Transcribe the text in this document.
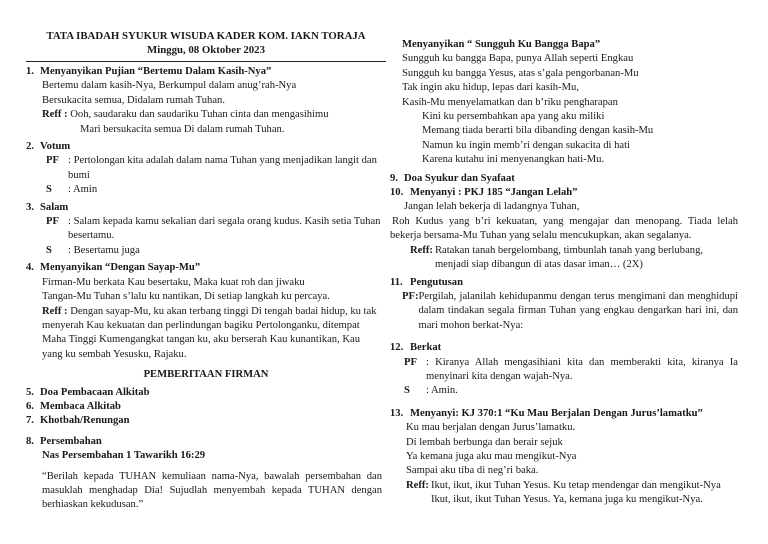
TATA IBADAH SYUKUR WISUDA KADER KOM. IAKN TORAJA
Minggu, 08 Oktober 2023
1. Menyanyikan Pujian “Bertemu Dalam Kasih-Nya”
Bertemu dalam kasih-Nya, Berkumpul dalam anug’rah-Nya
Bersukacita semua, Didalam rumah Tuhan.
Reff :
Ooh, saudaraku dan saudariku Tuhan cinta dan mengasihimu
Mari bersukacita semua Di dalam rumah Tuhan.
2. Votum
PF : Pertolongan kita adalah dalam nama Tuhan yang menjadikan langit dan bumi
S	: Amin
3. Salam
PF : Salam kepada kamu sekalian dari segala orang kudus. Kasih setia Tuhan besertamu.
S	: Besertamu juga
4. Menyanyikan “Dengan Sayap-Mu”
Firman-Mu berkata Kau besertaku, Maka kuat roh dan jiwaku
Tangan-Mu Tuhan s’lalu ku nantikan, Di setiap langkah ku percaya.
Reff : Dengan sayap-Mu, ku akan terbang tinggi Di tengah badai hidup, ku tak menyerah Kau kekuatan dan perlindungan bagiku Pertolonganku, ditempat Maha Tinggi Kumengangkat tangan ku, aku berserah Kau kunantikan, Kau yang ku sembah Yesusku, Rajaku.
PEMBERITAAN FIRMAN
5. Doa Pembacaan Alkitab
6. Membaca Alkitab
7. Khotbah/Renungan
8. Persembahan
Nas Persembahan 1 Tawarikh 16:29
“Berilah kepada TUHAN kemuliaan nama-Nya, bawalah persembahan dan masuklah menghadap Dia! Sujudlah menyembah kepada TUHAN dengan berhiaskan kekudusan.”
Menyanyikan “ Sungguh Ku Bangga Bapa”
Sungguh ku bangga Bapa, punya Allah seperti Engkau
Sungguh ku bangga Yesus, atas s’gala pengorbanan-Mu
Tak ingin aku hidup, lepas dari kasih-Mu,
Kasih-Mu menyelamatkan dan b’riku pengharapan
Kini ku persembahkan apa yang aku miliki
Memang tiada berarti bila dibanding dengan kasih-Mu
Namun ku ingin memb’ri dengan sukacita di hati
Karena kutahu ini menyenangkan hati-Mu.
9. Doa Syukur dan Syafaat
10. Menyanyi : PKJ 185 “Jangan Lelah”
Jangan lelah bekerja di ladangnya Tuhan,
Roh Kudus yang b’ri kekuatan, yang mengajar dan menopang. Tiada lelah bekerja bersama-Mu Tuhan yang selalu mencukupkan, akan segalanya.
Reff: Ratakan tanah bergelombang, timbunlah tanah yang berlubang, menjadi siap dibangun di atas dasar iman… (2X)
11. Pengutusan
PF: Pergilah, jalanilah kehidupanmu dengan terus mengimani dan menghidupi dalam tindakan segala firman Tuhan yang engkau dengarkan hari ini, dan mari mohon berkat-Nya:
12. Berkat
PF : Kiranya Allah mengasihiani kita dan memberakti kita, kiranya Ia menyinari kita dengan wajah-Nya.
S	: Amin.
13. Menyanyi: KJ 370:1 “Ku Mau Berjalan Dengan Jurus’lamatku”
Ku mau berjalan dengan Jurus’lamatku.
Di lembah berbunga dan berair sejuk
Ya kemana juga aku mau mengikut-Nya
Sampai aku tiba di neg’ri baka.
Reff: Ikut, ikut, ikut Tuhan Yesus. Ku tetap mendengar dan mengikut-Nya Ikut, ikut, ikut Tuhan Yesus. Ya, kemana juga ku mengikut-Nya.
